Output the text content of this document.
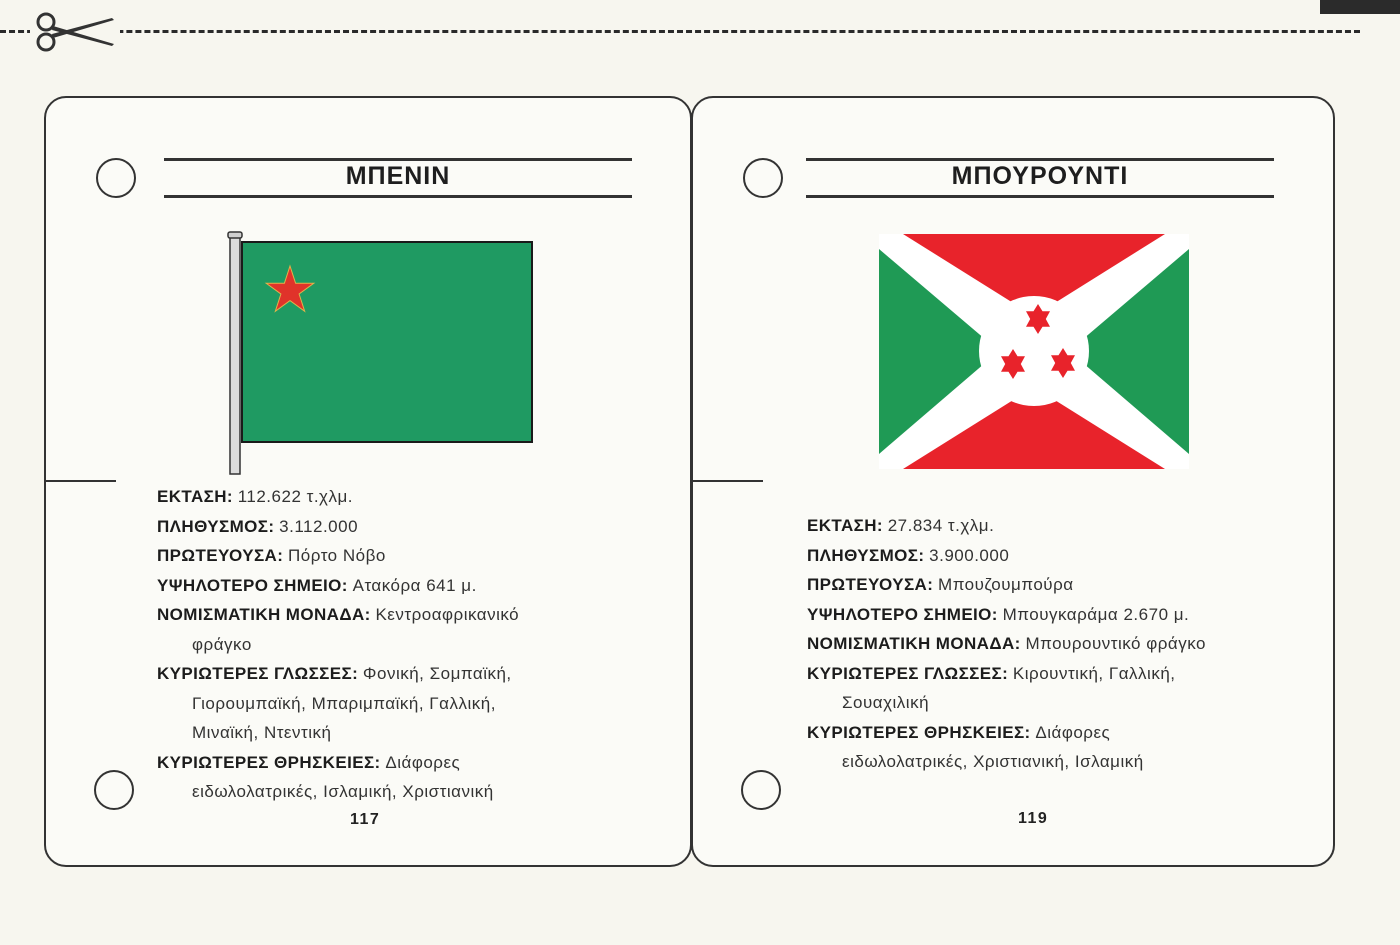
ΜΠΕΝΙΝ
ΕΚΤΑΣΗ: 112.622 τ.χλμ.
ΠΛΗΘΥΣΜΟΣ: 3.112.000
ΠΡΩΤΕΥΟΥΣΑ: Πόρτο Νόβο
ΥΨΗΛΟΤΕΡΟ ΣΗΜΕΙΟ: Ατακόρα 641 μ.
ΝΟΜΙΣΜΑΤΙΚΗ ΜΟΝΑΔΑ: Κεντροαφρικανικό
φράγκο
ΚΥΡΙΩΤΕΡΕΣ ΓΛΩΣΣΕΣ: Φονική, Σομπαϊκή,
Γιορουμπαϊκή, Μπαριμπαϊκή, Γαλλική,
Μιναϊκή, Ντεντική
ΚΥΡΙΩΤΕΡΕΣ ΘΡΗΣΚΕΙΕΣ: Διάφορες
ειδωλολατρικές, Ισλαμική, Χριστιανική
117
ΜΠΟΥΡΟΥΝΤΙ
ΕΚΤΑΣΗ: 27.834 τ.χλμ.
ΠΛΗΘΥΣΜΟΣ: 3.900.000
ΠΡΩΤΕΥΟΥΣΑ: Μπουζουμπούρα
ΥΨΗΛΟΤΕΡΟ ΣΗΜΕΙΟ: Μπουγκαράμα 2.670 μ.
ΝΟΜΙΣΜΑΤΙΚΗ ΜΟΝΑΔΑ: Μπουρουντικό φράγκο
ΚΥΡΙΩΤΕΡΕΣ ΓΛΩΣΣΕΣ: Κιρουντική, Γαλλική,
Σουαχιλική
ΚΥΡΙΩΤΕΡΕΣ ΘΡΗΣΚΕΙΕΣ: Διάφορες
ειδωλολατρικές, Χριστιανική, Ισλαμική
119
